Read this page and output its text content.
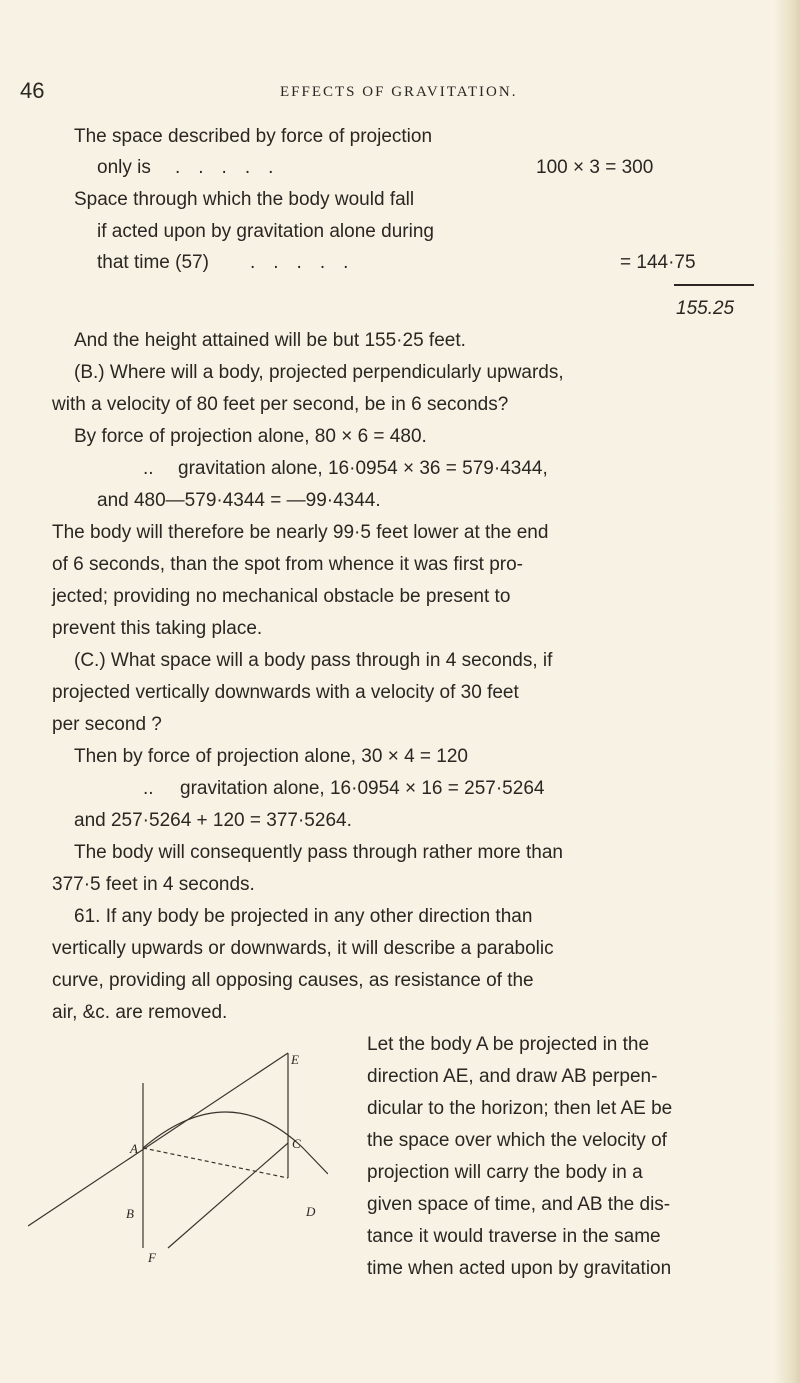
46	EFFECTS OF GRAVITATION.
The space described by force of projection
only is .....	100 × 3 = 300
Space through which the body would fall
if acted upon by gravitation alone during
that time (57) .....	= 144·75
155.25
And the height attained will be but 155·25 feet.
(B.) Where will a body, projected perpendicularly upwards,
with a velocity of 80 feet per second, be in 6 seconds?
By force of projection alone, 80 × 6 = 480.
.. gravitation alone, 16·0954 × 36 = 579·4344,
and 480—579·4344 = —99·4344.
The body will therefore be nearly 99·5 feet lower at the end
of 6 seconds, than the spot from whence it was first pro-
jected; providing no mechanical obstacle be present to
prevent this taking place.
(C.) What space will a body pass through in 4 seconds, if
projected vertically downwards with a velocity of 30 feet
per second ?
Then by force of projection alone, 30 × 4 = 120
.. gravitation alone, 16·0954 × 16 = 257·5264
and 257·5264 + 120 = 377·5264.
The body will consequently pass through rather more than
377·5 feet in 4 seconds.
61. If any body be projected in any other direction than
vertically upwards or downwards, it will describe a parabolic
curve, providing all opposing causes, as resistance of the
air, &c. are removed.
Let the body A be projected in the
direction AE, and draw AB perpen-
dicular to the horizon; then let AE be
the space over which the velocity of
projection will carry the body in a
given space of time, and AB the dis-
tance it would traverse in the same
time when acted upon by gravitation
E
A	C
D
B
F
